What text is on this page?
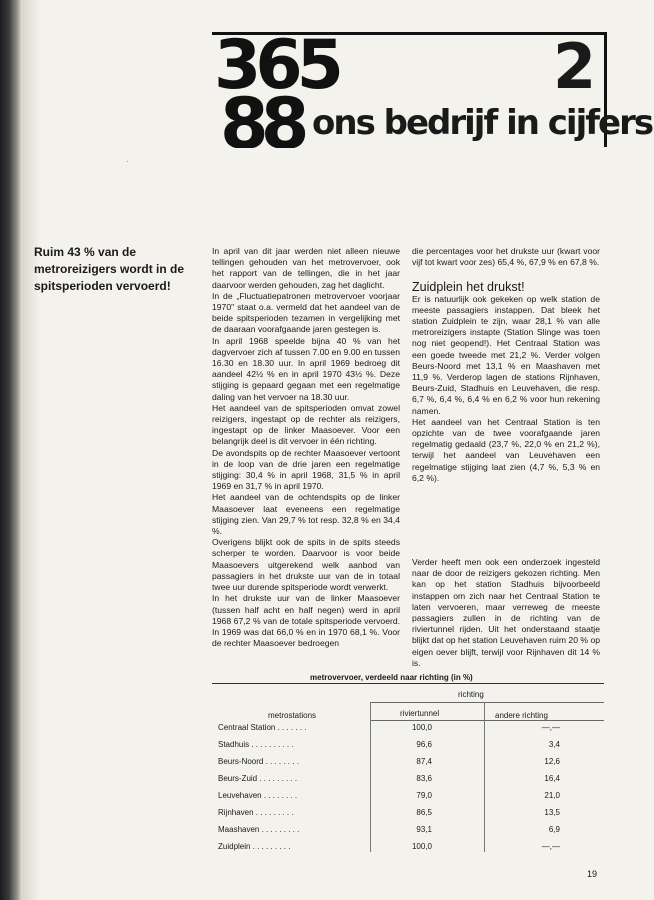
365
88 ons bedrijf in cijfers
2
·
Ruim 43 % van de metroreizigers wordt in de spitsperioden vervoerd!

In april van dit jaar werden niet alleen nieuwe tellingen gehouden van het metrovervoer, ook het rapport van de tellingen, die in het jaar daarvoor werden gehouden, zag het daglicht.

In de „Fluctuatiepatronen metrovervoer voorjaar 1970" staat o.a. vermeld dat het aandeel van de beide spitsperioden tezamen in vergelijking met de daaraan voorafgaande jaren gestegen is.

In april 1968 speelde bijna 40 % van het dagvervoer zich af tussen 7.00 en 9.00 en tussen 16.30 en 18.30 uur. In april 1969 bedroeg dit aandeel 42½ % en in april 1970 43½ %. Deze stijging is gepaard gegaan met een regelmatige daling van het vervoer na 18.30 uur.

Het aandeel van de spitsperioden omvat zowel reizigers, ingestapt op de rechter als reizigers, ingestapt op de linker Maasoever. Voor een belangrijk deel is dit vervoer in één richting.

De avondspits op de rechter Maasoever vertoont in de loop van de drie jaren een regelmatige stijging: 30,4 % in april 1968, 31,5 % in april 1969 en 31,7 % in april 1970.

Het aandeel van de ochtendspits op de linker Maasoever laat eveneens een regelmatige stijging zien. Van 29,7 % tot resp. 32,8 % en 34,4 %.

Overigens blijkt ook de spits in de spits steeds scherper te worden. Daarvoor is voor beide Maasoevers uitgerekend welk aanbod van passagiers in het drukste uur van de in totaal twee uur durende spitsperiode wordt verwerkt.

In het drukste uur van de linker Maasoever (tussen half acht en half negen) werd in april 1968 67,2 % van de totale spitsperiode vervoerd. In 1969 was dat 66,0 % en in 1970 68,1 %. Voor de rechter Maasoever bedroegen

die percentages voor het drukste uur (kwart voor vijf tot kwart voor zes) 65,4 %, 67,9 % en 67,8 %.

Zuidplein het drukst!

Er is natuurlijk ook gekeken op welk station de meeste passagiers instappen. Dat bleek het station Zuidplein te zijn, waar 28,1 % van alle metroreizigers instapte (Station Slinge was toen nog niet geopend!). Het Centraal Station was een goede tweede met 21,2 %. Verder volgen Beurs-Noord met 13,1 % en Maashaven met 11,9 %. Verderop lagen de stations Rijnhaven, Beurs-Zuid, Stadhuis en Leuvehaven, die resp. 6,7 %, 6,4 %, 6,4 % en 6,2 % voor hun rekening namen.

Het aandeel van het Centraal Station is ten opzichte van de twee voorafgaande jaren regelmatig gedaald (23,7 %, 22,0 % en 21,2 %), terwijl het aandeel van Leuvehaven een regelmatige stijging laat zien (4,7 %, 5,3 % en 6,2 %).

Verder heeft men ook een onderzoek ingesteld naar de door de reizigers gekozen richting. Men kan op het station Stadhuis bijvoorbeeld instappen om zich naar het Centraal Station te laten vervoeren, maar verreweg de meeste passagiers zullen in de richting van de riviertunnel rijden. Uit het onderstaand staatje blijkt dat op het station Leuvehaven ruim 20 % op eigen oever blijft, terwijl voor Rijnhaven dit 14 % is.

metrovervoer, verdeeld naar richting (in %)
richting
metrostations	riviertunnel	andere richting
Centraal Station . . . . . . .	100,0	—,—
Stadhuis . . . . . . . . . .	96,6	3,4
Beurs-Noord . . . . . . . .	87,4	12,6
Beurs-Zuid . . . . . . . . .	83,6	16,4
Leuvehaven . . . . . . . .	79,0	21,0
Rijnhaven . . . . . . . . .	86,5	13,5
Maashaven . . . . . . . . .	93,1	6,9
Zuidplein . . . . . . . . .	100,0	—,—
19
